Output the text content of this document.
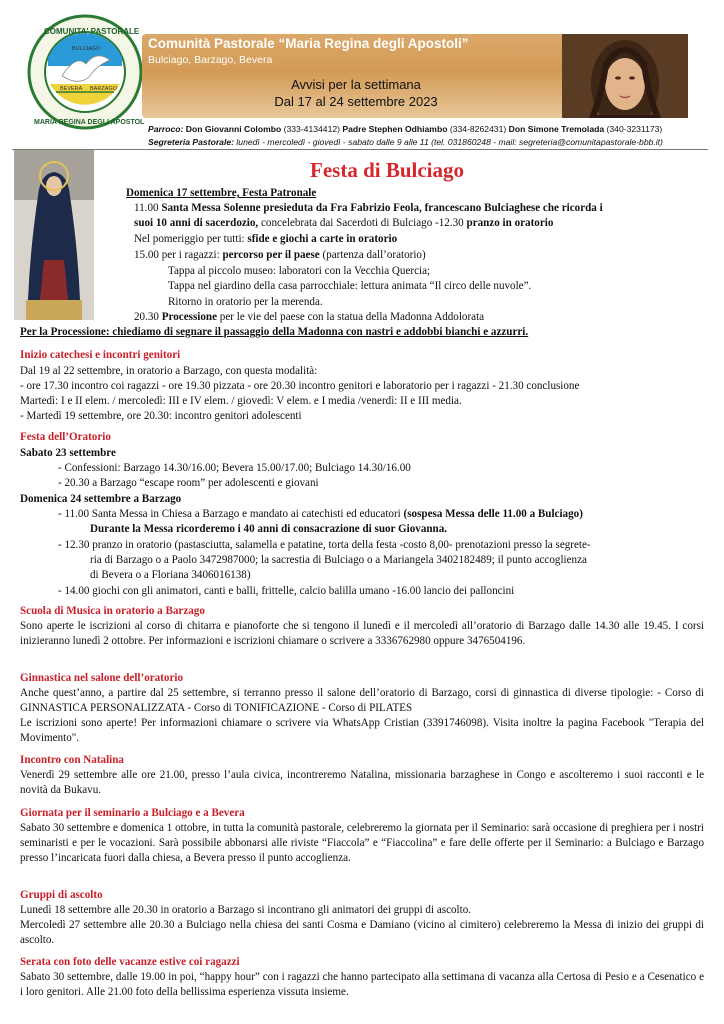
COMUNITA' PASTORALE
MARIA REGINA DEGLI APOSTOLI
BULCIAGO
BEVERA BARZAGO
Comunità Pastorale “Maria Regina degli Apostoli”
Bulciago, Barzago, Bevera
Avvisi per la settimana
Dal 17 al 24 settembre 2023
Parroco: Don Giovanni Colombo (333-4134412) Padre Stephen Odhiambo (334-8262431) Don Simone Tremolada (340-3231173)
Segreteria Pastorale: lunedì - mercoledì - giovedì - sabato dalle 9 alle 11 (tel. 031860248 - mail: segreteria@comunitapastorale-bbb.it)
Festa di Bulciago
Domenica 17 settembre, Festa Patronale
11.00 Santa Messa Solenne presieduta da Fra Fabrizio Feola, francescano Bulciaghese che ricorda i
suoi 10 anni di sacerdozio, concelebrata dai Sacerdoti di Bulciago -12.30 pranzo in oratorio
Nel pomeriggio per tutti: sfide e giochi a carte in oratorio
15.00 per i ragazzi: percorso per il paese (partenza dall’oratorio)
Tappa al piccolo museo: laboratori con la Vecchia Quercia;
Tappa nel giardino della casa parrocchiale: lettura animata “Il circo delle nuvole”.
Ritorno in oratorio per la merenda.
20.30 Processione per le vie del paese con la statua della Madonna Addolorata
Per la Processione: chiediamo di segnare il passaggio della Madonna con nastri e addobbi bianchi e azzurri.
Inizio catechesi e incontri genitori
Dal 19 al 22 settembre, in oratorio a Barzago, con questa modalità:
- ore 17.30 incontro coi ragazzi - ore 19.30 pizzata - ore 20.30 incontro genitori e laboratorio per i ragazzi - 21.30 conclusione
Martedì: I e II elem. / mercoledì: III e IV elem. / giovedì: V elem. e I media /venerdì: II e III media.
- Martedì 19 settembre, ore 20.30: incontro genitori adolescenti
Festa dell’Oratorio
Sabato 23 settembre
- Confessioni: Barzago 14.30/16.00; Bevera 15.00/17.00; Bulciago 14.30/16.00
- 20.30 a Barzago “escape room” per adolescenti e giovani
Domenica 24 settembre a Barzago
- 11.00 Santa Messa in Chiesa a Barzago e mandato ai catechisti ed educatori (sospesa Messa delle 11.00 a Bulciago)
Durante la Messa ricorderemo i 40 anni di consacrazione di suor Giovanna.
- 12.30 pranzo in oratorio (pastasciutta, salamella e patatine, torta della festa -costo 8,00- prenotazioni presso la segrete-
ria di Barzago o a Paolo 3472987000; la sacrestia di Bulciago o a Mariangela 3402182489; il punto accoglienza
di Bevera o a Floriana 3406016138)
- 14.00 giochi con gli animatori, canti e balli, frittelle, calcio balilla umano -16.00 lancio dei palloncini
Scuola di Musica in oratorio a Barzago
Sono aperte le iscrizioni al corso di chitarra e pianoforte che si tengono il lunedì e il mercoledì all’oratorio di Barzago dalle 14.30 alle 19.45. I corsi inizieranno lunedì 2 ottobre. Per informazioni e iscrizioni chiamare o scrivere a 3336762980 oppure 3476504196.
Ginnastica nel salone dell’oratorio
Anche quest’anno, a partire dal 25 settembre, si terranno presso il salone dell’oratorio di Barzago, corsi di ginnastica di diverse tipologie: - Corso di GINNASTICA PERSONALIZZATA - Corso di TONIFICAZIONE - Corso di PILATES
Le iscrizioni sono aperte! Per informazioni chiamare o scrivere via WhatsApp Cristian (3391746098). Visita inoltre la pagina Facebook "Terapia del Movimento".
Incontro con Natalina
Venerdì 29 settembre alle ore 21.00, presso l’aula civica, incontreremo Natalina, missionaria barzaghese in Congo e ascolteremo i suoi racconti e le novità da Bukavu.
Giornata per il seminario a Bulciago e a Bevera
Sabato 30 settembre e domenica 1 ottobre, in tutta la comunità pastorale, celebreremo la giornata per il Seminario: sarà occasione di preghiera per i nostri seminaristi e per le vocazioni. Sarà possibile abbonarsi alle riviste “Fiaccola” e “Fiaccolina” e fare delle offerte per il Seminario: a Bulciago e Barzago presso l’incaricata fuori dalla chiesa, a Bevera presso il punto accoglienza.
Gruppi di ascolto
Lunedì 18 settembre alle 20.30 in oratorio a Barzago si incontrano gli animatori dei gruppi di ascolto.
Mercoledì 27 settembre alle 20.30 a Bulciago nella chiesa dei santi Cosma e Damiano (vicino al cimitero) celebreremo la Messa di inizio dei gruppi di ascolto.
Serata con foto delle vacanze estive coi ragazzi
Sabato 30 settembre, dalle 19.00 in poi, “happy hour” con i ragazzi che hanno partecipato alla settimana di vacanza alla Certosa di Pesio e a Cesenatico e i loro genitori. Alle 21.00 foto della bellissima esperienza vissuta insieme.
